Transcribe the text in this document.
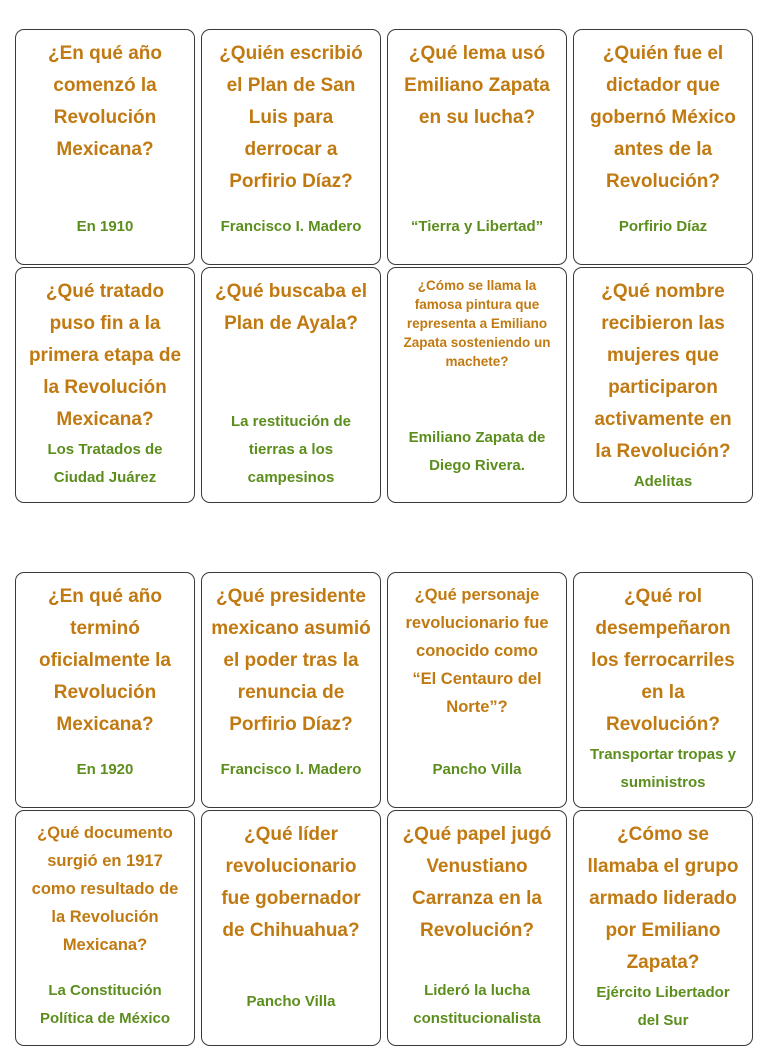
¿En qué año comenzó la Revolución Mexicana?

En 1910

¿Quién escribió el Plan de San Luis para derrocar a Porfirio Díaz?

Francisco I. Madero

¿Qué lema usó Emiliano Zapata en su lucha?

“Tierra y Libertad”

¿Quién fue el dictador que gobernó México antes de la Revolución?

Porfirio Díaz

¿Qué tratado puso fin a la primera etapa de la Revolución Mexicana?

Los Tratados de Ciudad Juárez

¿Qué buscaba el Plan de Ayala?

La restitución de tierras a los campesinos

¿Cómo se llama la famosa pintura que representa a Emiliano Zapata sosteniendo un machete?

Emiliano Zapata de Diego Rivera.

¿Qué nombre recibieron las mujeres que participaron activamente en la Revolución?

Adelitas

¿En qué año terminó oficialmente la Revolución Mexicana?

En 1920

¿Qué presidente mexicano asumió el poder tras la renuncia de Porfirio Díaz?

Francisco I. Madero

¿Qué personaje revolucionario fue conocido como “El Centauro del Norte”?

Pancho Villa

¿Qué rol desempeñaron los ferrocarriles en la Revolución?

Transportar tropas y suministros

¿Qué documento surgió en 1917 como resultado de la Revolución Mexicana?

La Constitución Política de México

¿Qué líder revolucionario fue gobernador de Chihuahua?

Pancho Villa

¿Qué papel jugó Venustiano Carranza en la Revolución?

Lideró la lucha constitucionalista

¿Cómo se llamaba el grupo armado liderado por Emiliano Zapata?

Ejército Libertador del Sur
